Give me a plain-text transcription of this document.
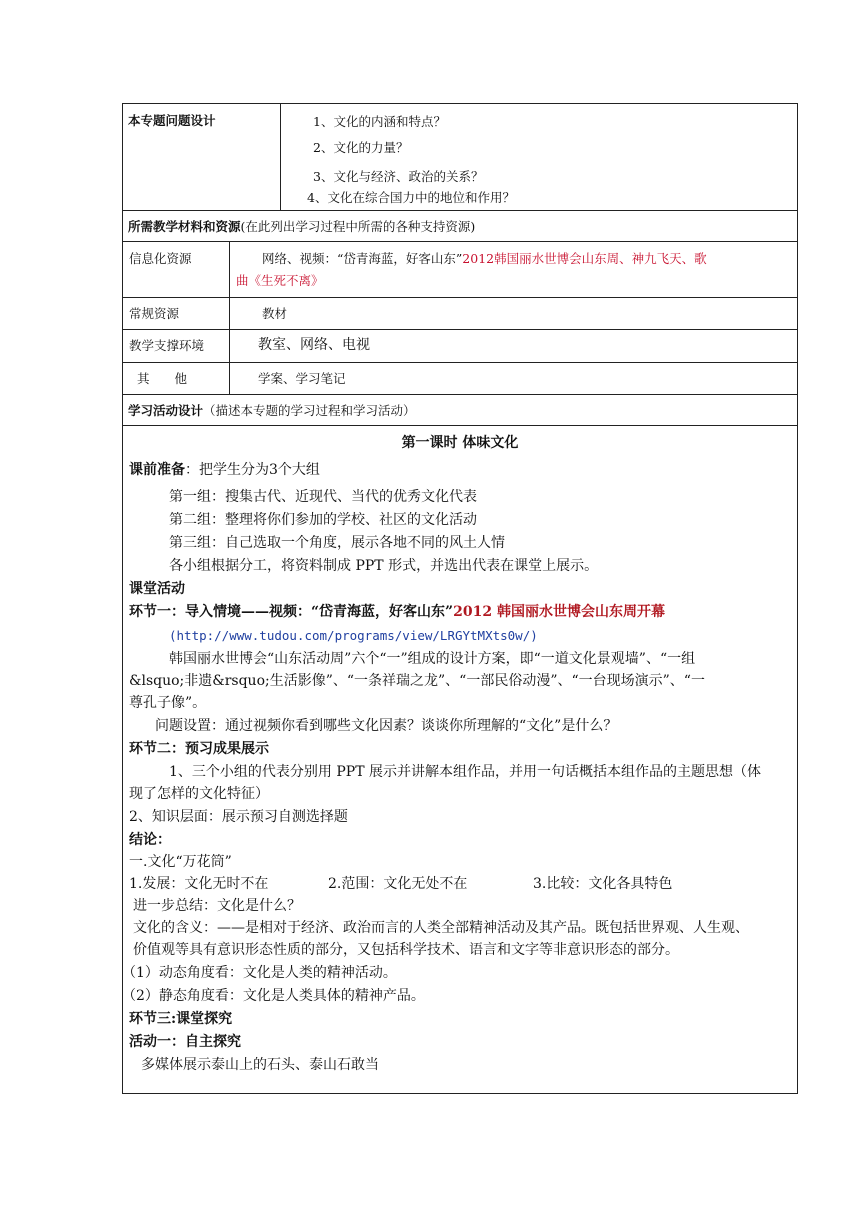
本专题问题设计	1、文化的内涵和特点？
2、文化的力量？
3、文化与经济、政治的关系？
4、文化在综合国力中的地位和作用？
所需教学材料和资源(在此列出学习过程中所需的各种支持资源)
信息化资源	网络、视频：“岱青海蓝，好客山东”2012韩国丽水世博会山东周、神九飞天、歌
曲《生死不离》
常规资源	教材
教学支撑环境	教室、网络、电视
其　　他	学案、学习笔记
学习活动设计（描述本专题的学习过程和学习活动）
第一课时 体味文化
课前准备：把学生分为3个大组
第一组：搜集古代、近现代、当代的优秀文化代表
第二组：整理将你们参加的学校、社区的文化活动
第三组：自己选取一个角度，展示各地不同的风土人情
各小组根据分工，将资料制成 PPT 形式，并选出代表在课堂上展示。
课堂活动
环节一：导入情境——视频：“岱青海蓝，好客山东”2012 韩国丽水世博会山东周开幕
(http://www.tudou.com/programs/view/LRGYtMXts0w/)
韩国丽水世博会“山东活动周”六个“一”组成的设计方案，即“一道文化景观墙”、“一组
&lsquo;非遗&rsquo;生活影像”、“一条祥瑞之龙”、“一部民俗动漫”、“一台现场演示”、“一
尊孔子像”。
问题设置：通过视频你看到哪些文化因素？谈谈你所理解的“文化”是什么？
环节二：预习成果展示
1、三个小组的代表分别用 PPT 展示并讲解本组作品，并用一句话概括本组作品的主题思想（体
现了怎样的文化特征）
2、知识层面：展示预习自测选择题
结论：
一.文化“万花筒”
1.发展：文化无时不在	2.范围：文化无处不在	3.比较：文化各具特色
进一步总结：文化是什么？
文化的含义：——是相对于经济、政治而言的人类全部精神活动及其产品。既包括世界观、人生观、
价值观等具有意识形态性质的部分，又包括科学技术、语言和文字等非意识形态的部分。
（1）动态角度看：文化是人类的精神活动。
（2）静态角度看：文化是人类具体的精神产品。
环节三:课堂探究
活动一：自主探究
多媒体展示泰山上的石头、泰山石敢当
